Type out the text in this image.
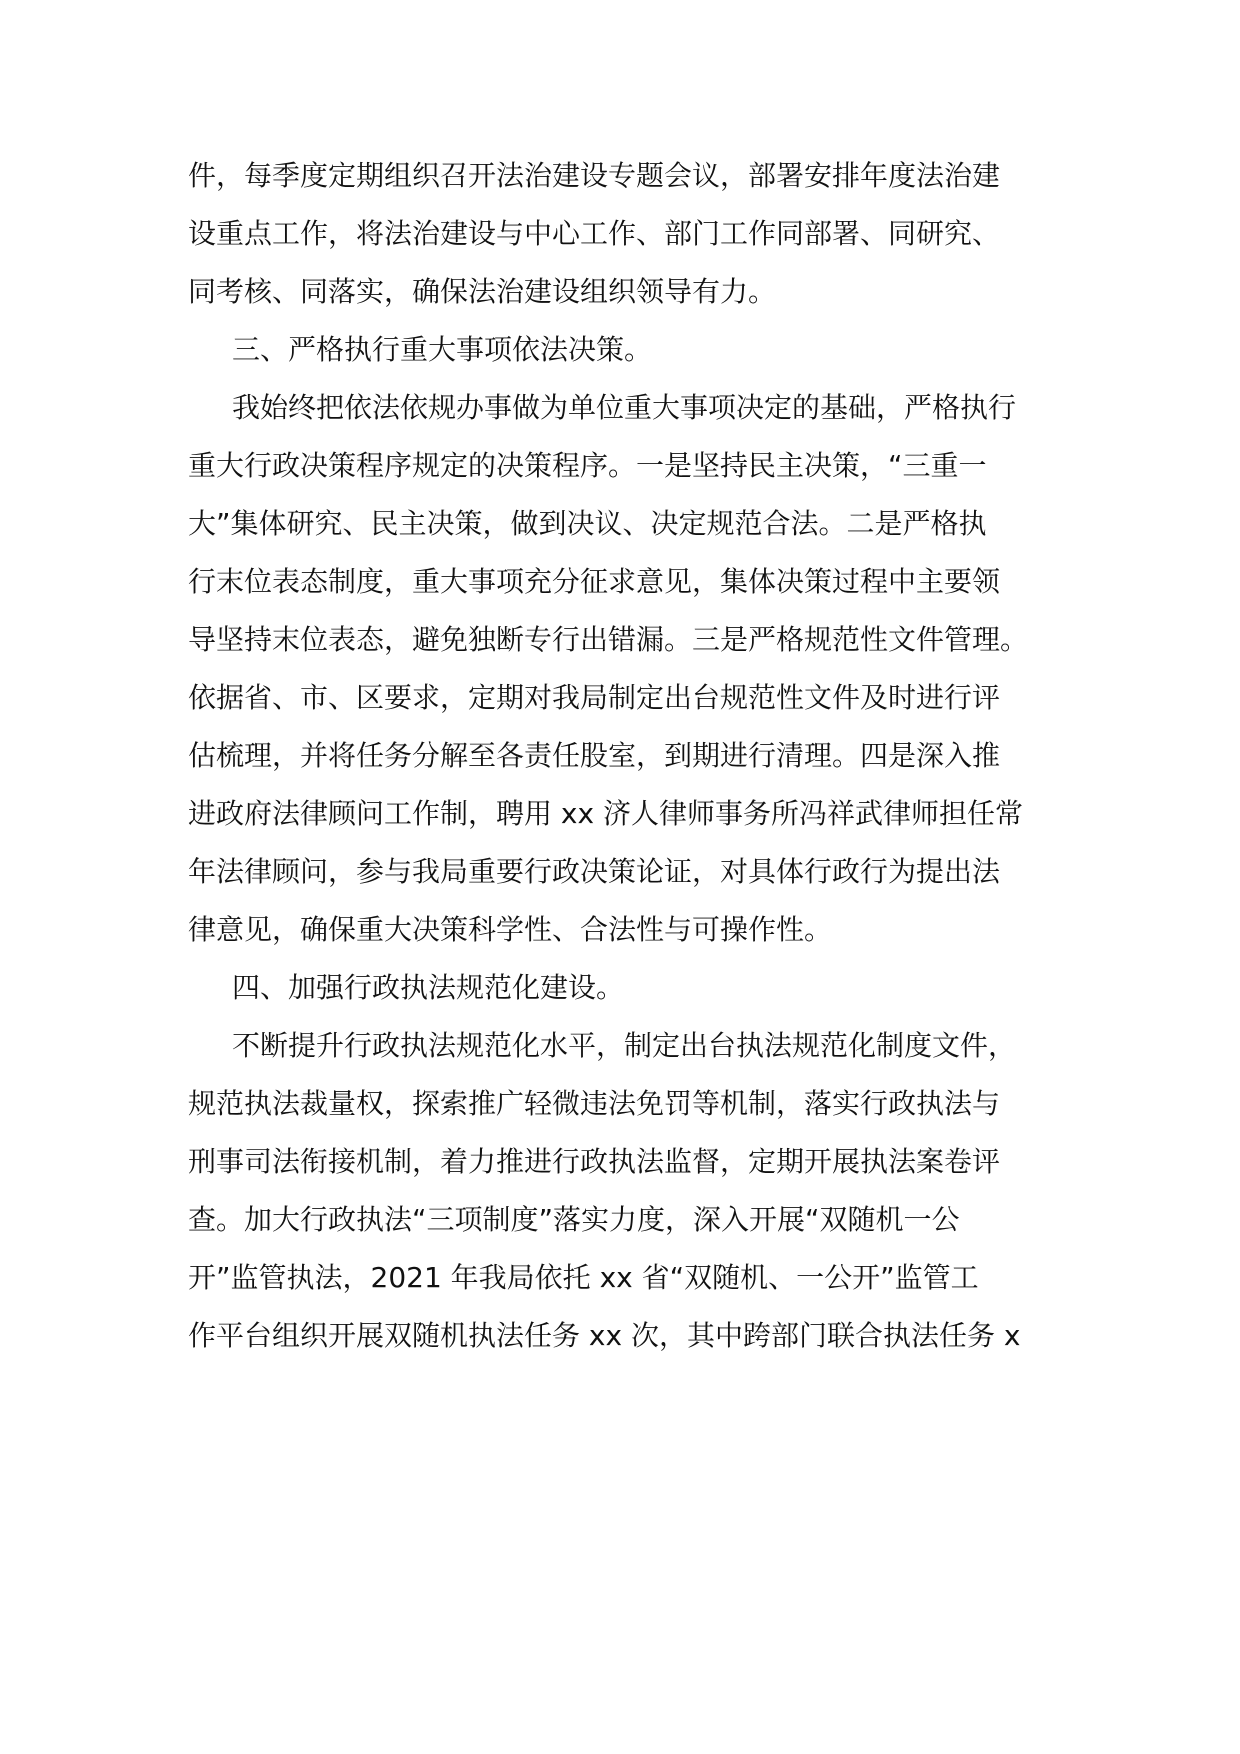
件，每季度定期组织召开法治建设专题会议，部署安排年度法治建
设重点工作，将法治建设与中心工作、部门工作同部署、同研究、
同考核、同落实，确保法治建设组织领导有力。
三、严格执行重大事项依法决策。
我始终把依法依规办事做为单位重大事项决定的基础，严格执行
重大行政决策程序规定的决策程序。一是坚持民主决策，“三重一
大”集体研究、民主决策，做到决议、决定规范合法。二是严格执
行末位表态制度，重大事项充分征求意见，集体决策过程中主要领
导坚持末位表态，避免独断专行出错漏。三是严格规范性文件管理。
依据省、市、区要求，定期对我局制定出台规范性文件及时进行评
估梳理，并将任务分解至各责任股室，到期进行清理。四是深入推
进政府法律顾问工作制，聘用 xx 济人律师事务所冯祥武律师担任常
年法律顾问，参与我局重要行政决策论证，对具体行政行为提出法
律意见，确保重大决策科学性、合法性与可操作性。
四、加强行政执法规范化建设。
不断提升行政执法规范化水平，制定出台执法规范化制度文件，
规范执法裁量权，探索推广轻微违法免罚等机制，落实行政执法与
刑事司法衔接机制，着力推进行政执法监督，定期开展执法案卷评
查。加大行政执法“三项制度”落实力度，深入开展“双随机一公
开”监管执法，2021 年我局依托 xx 省“双随机、一公开”监管工
作平台组织开展双随机执法任务 xx 次，其中跨部门联合执法任务 x
